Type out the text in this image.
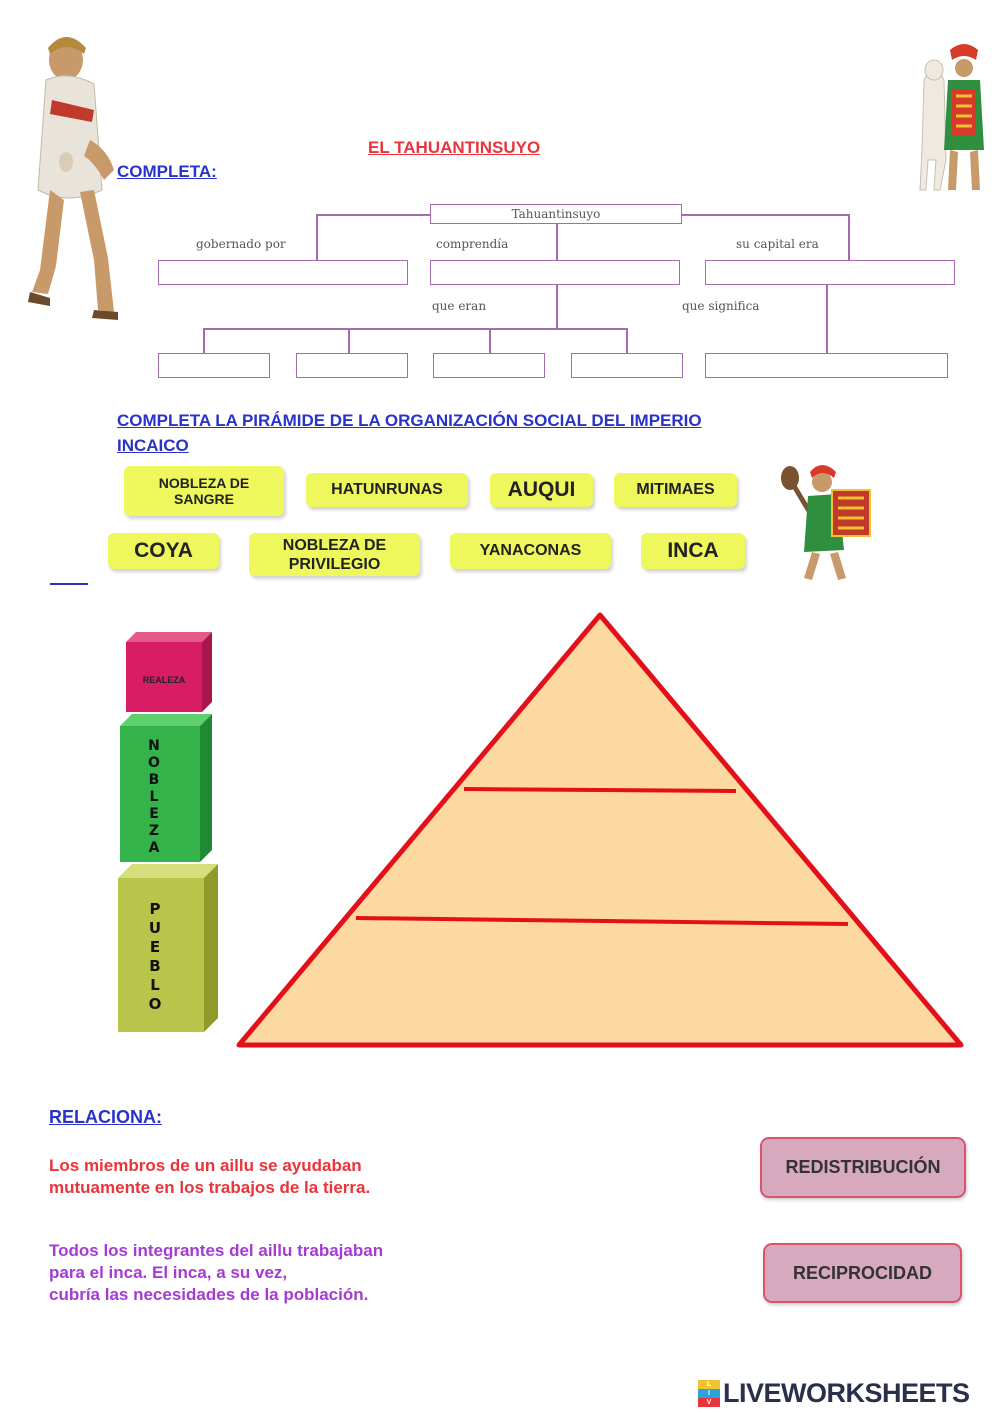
EL TAHUANTINSUYO
COMPLETA:
Tahuantinsuyo
gobernado por	comprendía	su capital era
que eran	que significa
COMPLETA LA PIRÁMIDE DE LA ORGANIZACIÓN SOCIAL DEL IMPERIO
INCAICO
NOBLEZA DE
SANGRE
HATUNRUNAS	AUQUI	MITIMAES
COYA	NOBLEZA DE
PRIVILEGIO
YANACONAS	INCA
REALEZA
NOBLEZA
PUEBLO
RELACIONA:
Los miembros de un aillu se ayudaban
mutuamente en los trabajos de la tierra.
Todos los integrantes del aillu trabajaban
para el inca. El inca, a su vez,
cubría las necesidades de la población.
REDISTRIBUCIÓN
RECIPROCIDAD
L
I
V LIVEWORKSHEETS
